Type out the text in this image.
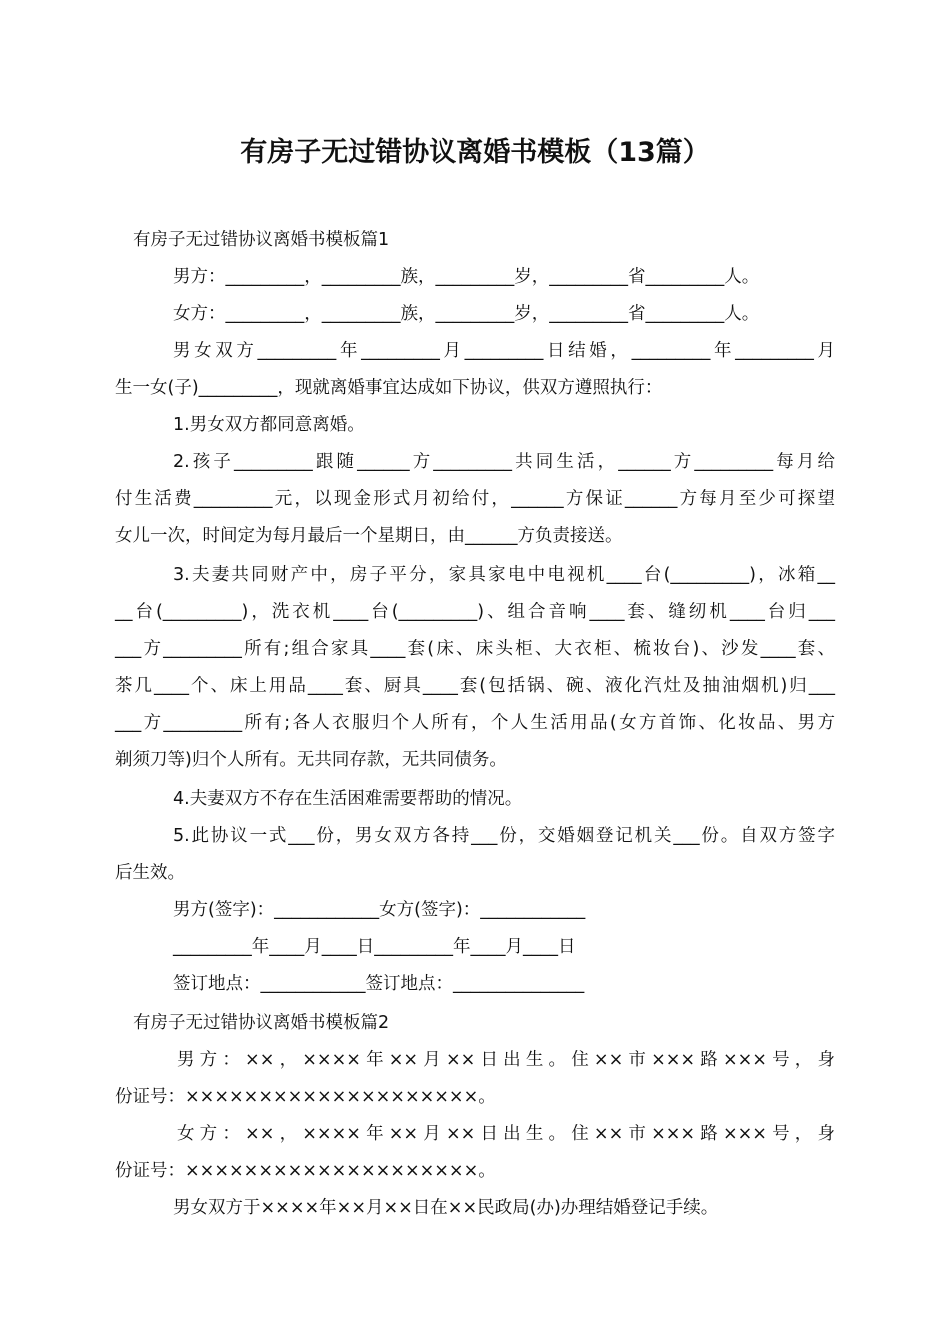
有房子无过错协议离婚书模板（13篇）

有房子无过错协议离婚书模板篇1

男方：_________，_________族，_________岁，_________省_________人。

女方：_________，_________族，_________岁，_________省_________人。

男女双方_________年_________月_________日结婚，_________年_________月

生一女(子)_________，现就离婚事宜达成如下协议，供双方遵照执行：

1.男女双方都同意离婚。

2.孩子_________跟随______方_________共同生活，______方_________每月给

付生活费_________元，以现金形式月初给付，______方保证______方每月至少可探望

女儿一次，时间定为每月最后一个星期日，由______方负责接送。

3.夫妻共同财产中，房子平分，家具家电中电视机____台(_________)，冰箱__

__台(_________)，洗衣机____台(_________)、组合音响____套、缝纫机____台归___

___方_________所有;组合家具____套(床、床头柜、大衣柜、梳妆台)、沙发____套、

茶几____个、床上用品____套、厨具____套(包括锅、碗、液化汽灶及抽油烟机)归___

___方_________所有;各人衣服归个人所有，个人生活用品(女方首饰、化妆品、男方

剃须刀等)归个人所有。无共同存款，无共同债务。

4.夫妻双方不存在生活困难需要帮助的情况。

5.此协议一式___份，男女双方各持___份，交婚姻登记机关___份。自双方签字

后生效。

男方(签字)：____________女方(签字)：____________

_________年____月____日_________年____月____日

签订地点：____________签订地点：_______________

有房子无过错协议离婚书模板篇2

男方：××，××××年××月××日出生。住××市×××路×××号，身

份证号：××××××××××××××××××××。

女方：××，××××年××月××日出生。住××市×××路×××号，身

份证号：××××××××××××××××××××。

男女双方于××××年××月××日在××民政局(办)办理结婚登记手续。
